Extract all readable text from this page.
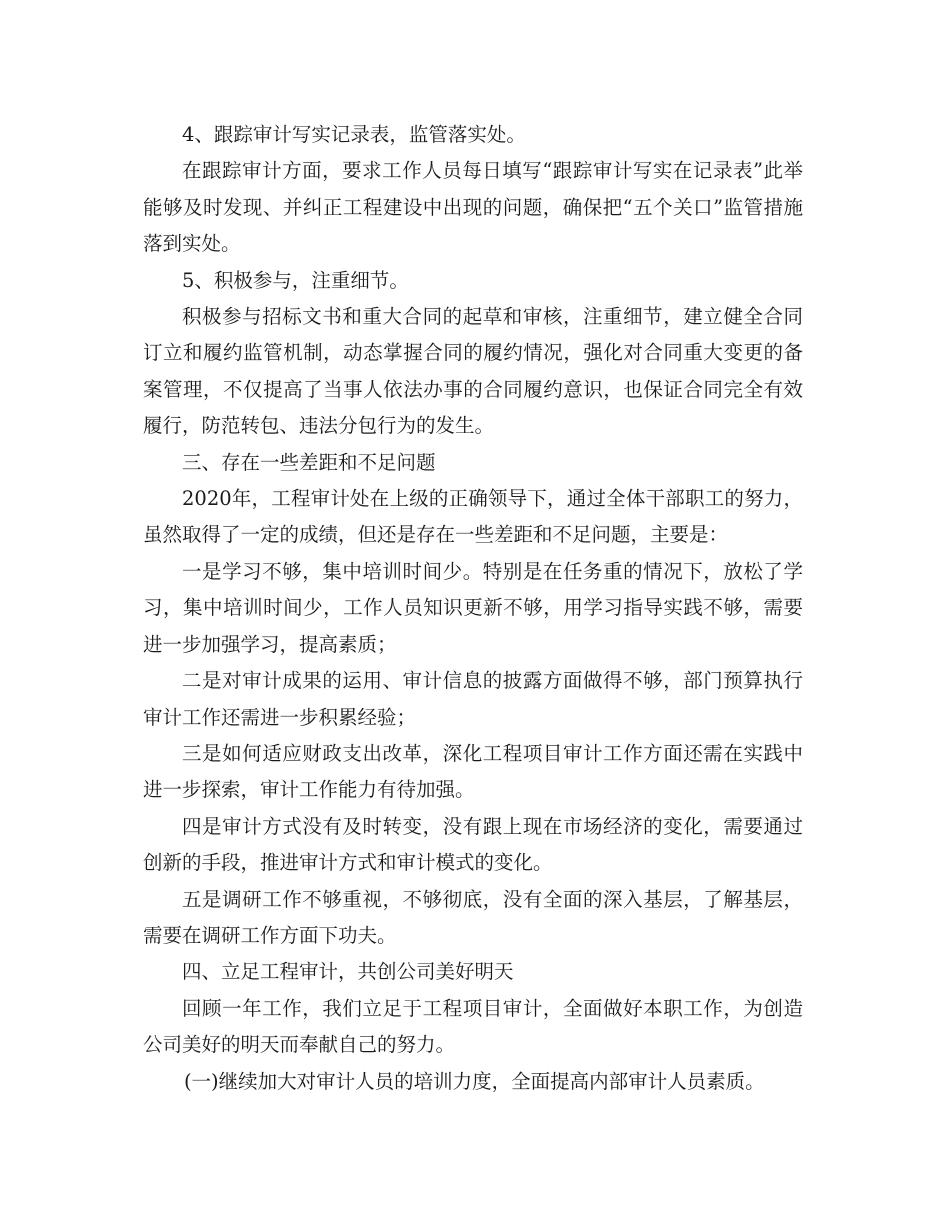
4、跟踪审计写实记录表，监管落实处。

在跟踪审计方面，要求工作人员每日填写“跟踪审计写实在记录表”此举能够及时发现、并纠正工程建设中出现的问题，确保把“五个关口”监管措施落到实处。

5、积极参与，注重细节。

积极参与招标文书和重大合同的起草和审核，注重细节，建立健全合同订立和履约监管机制，动态掌握合同的履约情况，强化对合同重大变更的备案管理，不仅提高了当事人依法办事的合同履约意识，也保证合同完全有效履行，防范转包、违法分包行为的发生。

三、存在一些差距和不足问题

2020年，工程审计处在上级的正确领导下，通过全体干部职工的努力，虽然取得了一定的成绩，但还是存在一些差距和不足问题，主要是：

一是学习不够，集中培训时间少。特别是在任务重的情况下，放松了学习，集中培训时间少，工作人员知识更新不够，用学习指导实践不够，需要进一步加强学习，提高素质；

二是对审计成果的运用、审计信息的披露方面做得不够，部门预算执行审计工作还需进一步积累经验；

三是如何适应财政支出改革，深化工程项目审计工作方面还需在实践中进一步探索，审计工作能力有待加强。

四是审计方式没有及时转变，没有跟上现在市场经济的变化，需要通过创新的手段，推进审计方式和审计模式的变化。

五是调研工作不够重视，不够彻底，没有全面的深入基层，了解基层，需要在调研工作方面下功夫。

四、立足工程审计，共创公司美好明天

回顾一年工作，我们立足于工程项目审计，全面做好本职工作，为创造公司美好的明天而奉献自己的努力。

(一)继续加大对审计人员的培训力度，全面提高内部审计人员素质。
